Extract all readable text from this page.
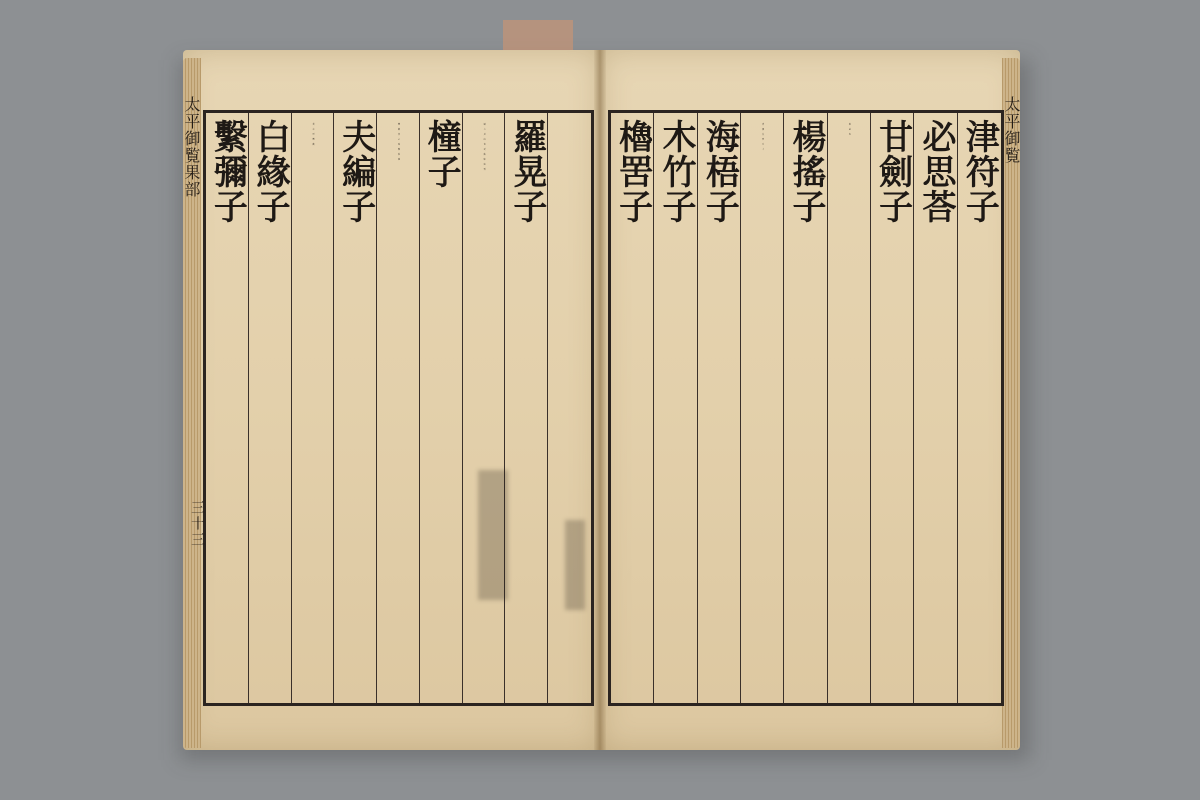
津符子
必思荅
甘劍子
桃是也
楊搖子
青黄長四五寸
海梧子
木竹子
櫓罟子	太平御覧
羅晃子
層方見肉也夏熟味如栗
橦子
鹽藏食之味酸似梅
夫編子
美亦可鹽藏
白緣子
繫彌子
太平御覧果部
三十三
